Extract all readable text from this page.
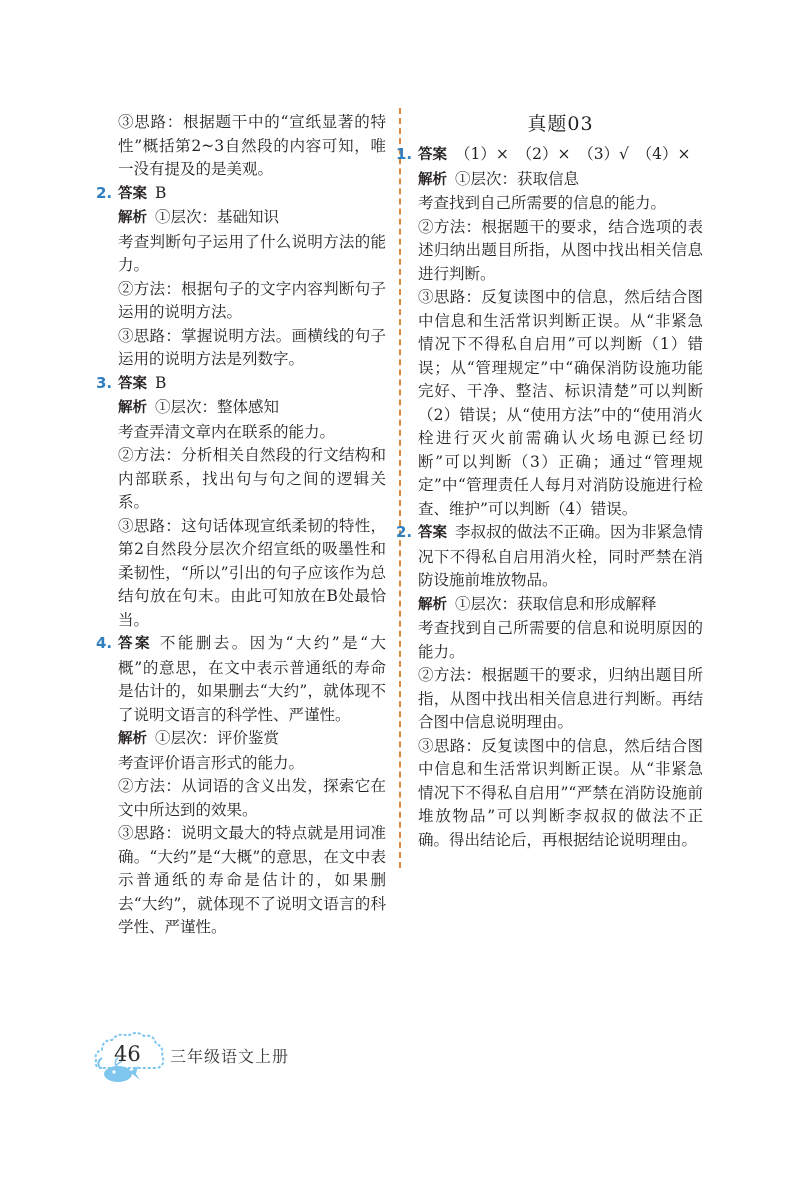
③思路：根据题干中的“宣纸显著的特性”概括第2~3自然段的内容可知，唯一没有提及的是美观。

2. 答案 B

解析 ①层次：基础知识

考查判断句子运用了什么说明方法的能力。

②方法：根据句子的文字内容判断句子运用的说明方法。

③思路：掌握说明方法。画横线的句子运用的说明方法是列数字。

3. 答案 B

解析 ①层次：整体感知

考查弄清文章内在联系的能力。

②方法：分析相关自然段的行文结构和内部联系，找出句与句之间的逻辑关系。

③思路：这句话体现宣纸柔韧的特性，第2自然段分层次介绍宣纸的吸墨性和柔韧性，“所以”引出的句子应该作为总结句放在句末。由此可知放在B处最恰当。

4. 答案 不能删去。因为“大约”是“大概”的意思，在文中表示普通纸的寿命是估计的，如果删去“大约”，就体现不了说明文语言的科学性、严谨性。

解析 ①层次：评价鉴赏

考查评价语言形式的能力。

②方法：从词语的含义出发，探索它在文中所达到的效果。

③思路：说明文最大的特点就是用词准确。“大约”是“大概”的意思，在文中表示普通纸的寿命是估计的，如果删去“大约”，就体现不了说明文语言的科学性、严谨性。

真题03

1. 答案 （1）×　（2）×　（3）√　（4）×

解析 ①层次：获取信息

考查找到自己所需要的信息的能力。

②方法：根据题干的要求，结合选项的表述归纳出题目所指，从图中找出相关信息进行判断。

③思路：反复读图中的信息，然后结合图中信息和生活常识判断正误。从“非紧急情况下不得私自启用”可以判断（1）错误；从“管理规定”中“确保消防设施功能完好、干净、整洁、标识清楚”可以判断（2）错误；从“使用方法”中的“使用消火栓进行灭火前需确认火场电源已经切断”可以判断（3）正确；通过“管理规定”中“管理责任人每月对消防设施进行检查、维护”可以判断（4）错误。

2. 答案 李叔叔的做法不正确。因为非紧急情况下不得私自启用消火栓，同时严禁在消防设施前堆放物品。

解析 ①层次：获取信息和形成解释

考查找到自己所需要的信息和说明原因的能力。

②方法：根据题干的要求，归纳出题目所指，从图中找出相关信息进行判断。再结合图中信息说明理由。

③思路：反复读图中的信息，然后结合图中信息和生活常识判断正误。从“非紧急情况下不得私自启用”“严禁在消防设施前堆放物品”可以判断李叔叔的做法不正确。得出结论后，再根据结论说明理由。

46 三年级语文上册
